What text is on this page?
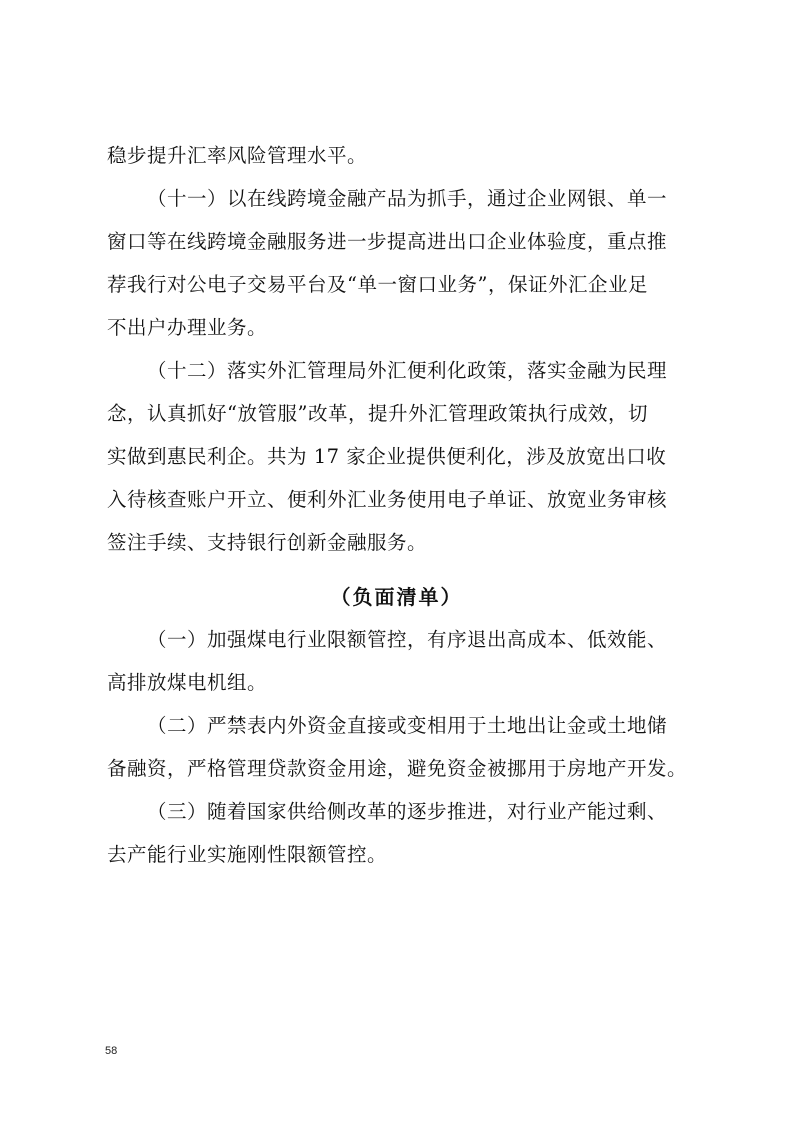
稳步提升汇率风险管理水平。
（十一）以在线跨境金融产品为抓手，通过企业网银、单一
窗口等在线跨境金融服务进一步提高进出口企业体验度，重点推
荐我行对公电子交易平台及“单一窗口业务”，保证外汇企业足
不出户办理业务。
（十二）落实外汇管理局外汇便利化政策，落实金融为民理
念，认真抓好“放管服”改革，提升外汇管理政策执行成效，切
实做到惠民利企。共为 17 家企业提供便利化，涉及放宽出口收
入待核查账户开立、便利外汇业务使用电子单证、放宽业务审核
签注手续、支持银行创新金融服务。
（负面清单）
（一）加强煤电行业限额管控，有序退出高成本、低效能、
高排放煤电机组。
（二）严禁表内外资金直接或变相用于土地出让金或土地储
备融资，严格管理贷款资金用途，避免资金被挪用于房地产开发。
（三）随着国家供给侧改革的逐步推进，对行业产能过剩、
去产能行业实施刚性限额管控。
58
